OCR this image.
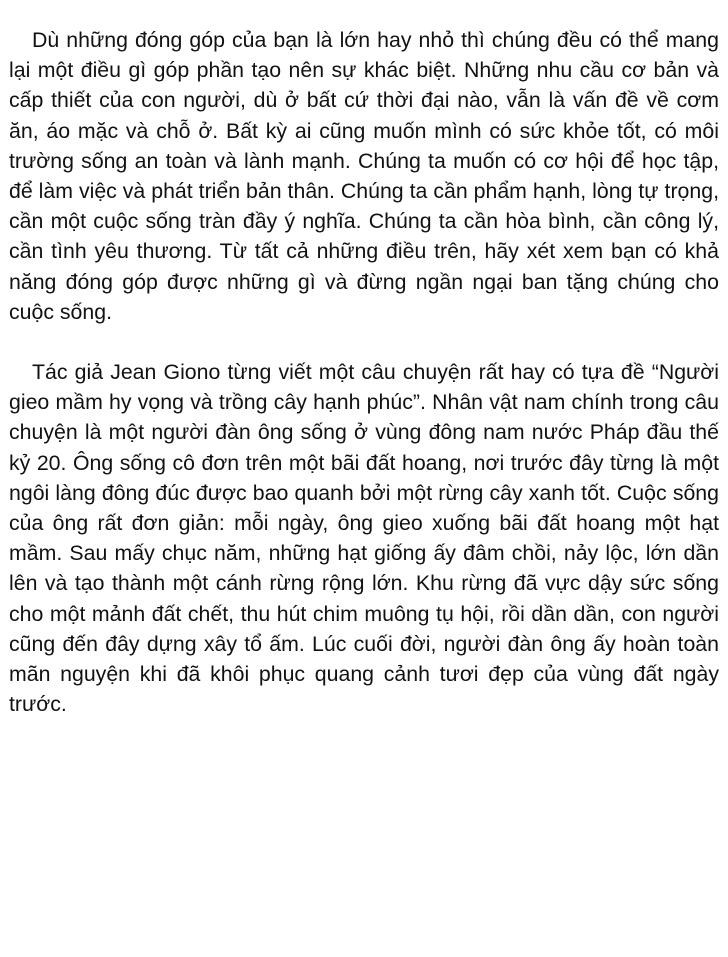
Dù những đóng góp của bạn là lớn hay nhỏ thì chúng đều có thể mang lại một điều gì góp phần tạo nên sự khác biệt. Những nhu cầu cơ bản và cấp thiết của con người, dù ở bất cứ thời đại nào, vẫn là vấn đề về cơm ăn, áo mặc và chỗ ở. Bất kỳ ai cũng muốn mình có sức khỏe tốt, có môi trường sống an toàn và lành mạnh. Chúng ta muốn có cơ hội để học tập, để làm việc và phát triển bản thân. Chúng ta cần phẩm hạnh, lòng tự trọng, cần một cuộc sống tràn đầy ý nghĩa. Chúng ta cần hòa bình, cần công lý, cần tình yêu thương. Từ tất cả những điều trên, hãy xét xem bạn có khả năng đóng góp được những gì và đừng ngần ngại ban tặng chúng cho cuộc sống.

Tác giả Jean Giono từng viết một câu chuyện rất hay có tựa đề “Người gieo mầm hy vọng và trồng cây hạnh phúc”. Nhân vật nam chính trong câu chuyện là một người đàn ông sống ở vùng đông nam nước Pháp đầu thế kỷ 20. Ông sống cô đơn trên một bãi đất hoang, nơi trước đây từng là một ngôi làng đông đúc được bao quanh bởi một rừng cây xanh tốt. Cuộc sống của ông rất đơn giản: mỗi ngày, ông gieo xuống bãi đất hoang một hạt mầm. Sau mấy chục năm, những hạt giống ấy đâm chồi, nảy lộc, lớn dần lên và tạo thành một cánh rừng rộng lớn. Khu rừng đã vực dậy sức sống cho một mảnh đất chết, thu hút chim muông tụ hội, rồi dần dần, con người cũng đến đây dựng xây tổ ấm. Lúc cuối đời, người đàn ông ấy hoàn toàn mãn nguyện khi đã khôi phục quang cảnh tươi đẹp của vùng đất ngày trước.
